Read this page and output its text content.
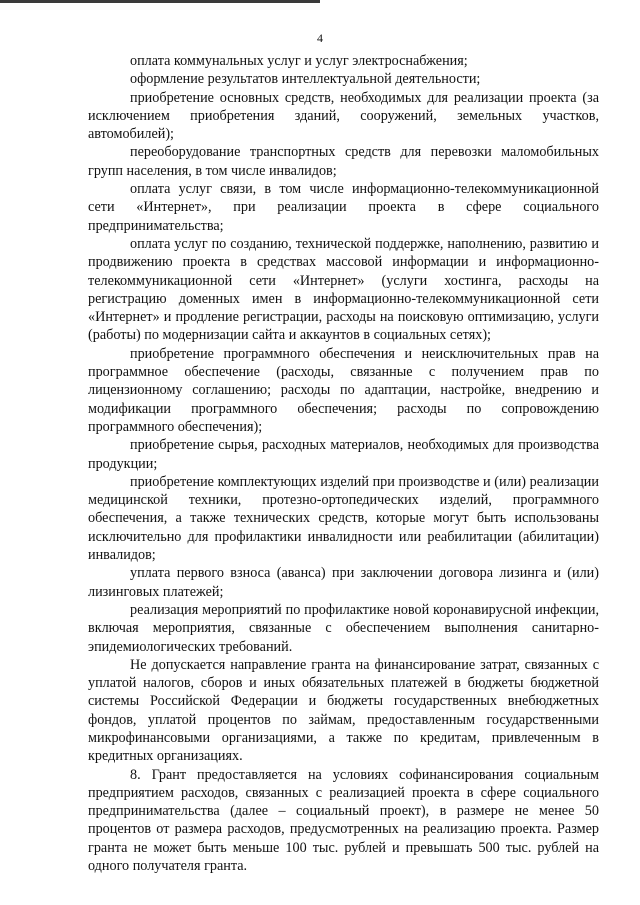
4

оплата коммунальных услуг и услуг электроснабжения;

оформление результатов интеллектуальной деятельности;

приобретение основных средств, необходимых для реализации проекта (за исключением приобретения зданий, сооружений, земельных участков, автомобилей);

переоборудование транспортных средств для перевозки маломобильных групп населения, в том числе инвалидов;

оплата услуг связи, в том числе информационно-телекоммуникационной сети «Интернет», при реализации проекта в сфере социального предпринимательства;

оплата услуг по созданию, технической поддержке, наполнению, развитию и продвижению проекта в средствах массовой информации и информационно-телекоммуникационной сети «Интернет» (услуги хостинга, расходы на регистрацию доменных имен в информационно-телекоммуникационной сети «Интернет» и продление регистрации, расходы на поисковую оптимизацию, услуги (работы) по модернизации сайта и аккаунтов в социальных сетях);

приобретение программного обеспечения и неисключительных прав на программное обеспечение (расходы, связанные с получением прав по лицензионному соглашению; расходы по адаптации, настройке, внедрению и модификации программного обеспечения; расходы по сопровождению программного обеспечения);

приобретение сырья, расходных материалов, необходимых для производства продукции;

приобретение комплектующих изделий при производстве и (или) реализации медицинской техники, протезно-ортопедических изделий, программного обеспечения, а также технических средств, которые могут быть использованы исключительно для профилактики инвалидности или реабилитации (абилитации) инвалидов;

уплата первого взноса (аванса) при заключении договора лизинга и (или) лизинговых платежей;

реализация мероприятий по профилактике новой коронавирусной инфекции, включая мероприятия, связанные с обеспечением выполнения санитарно-эпидемиологических требований.

Не допускается направление гранта на финансирование затрат, связанных с уплатой налогов, сборов и иных обязательных платежей в бюджеты бюджетной системы Российской Федерации и бюджеты государственных внебюджетных фондов, уплатой процентов по займам, предоставленным государственными микрофинансовыми организациями, а также по кредитам, привлеченным в кредитных организациях.

8. Грант предоставляется на условиях софинансирования социальным предприятием расходов, связанных с реализацией проекта в сфере социального предпринимательства (далее – социальный проект), в размере не менее 50 процентов от размера расходов, предусмотренных на реализацию проекта. Размер гранта не может быть меньше 100 тыс. рублей и превышать 500 тыс. рублей на одного получателя гранта.
